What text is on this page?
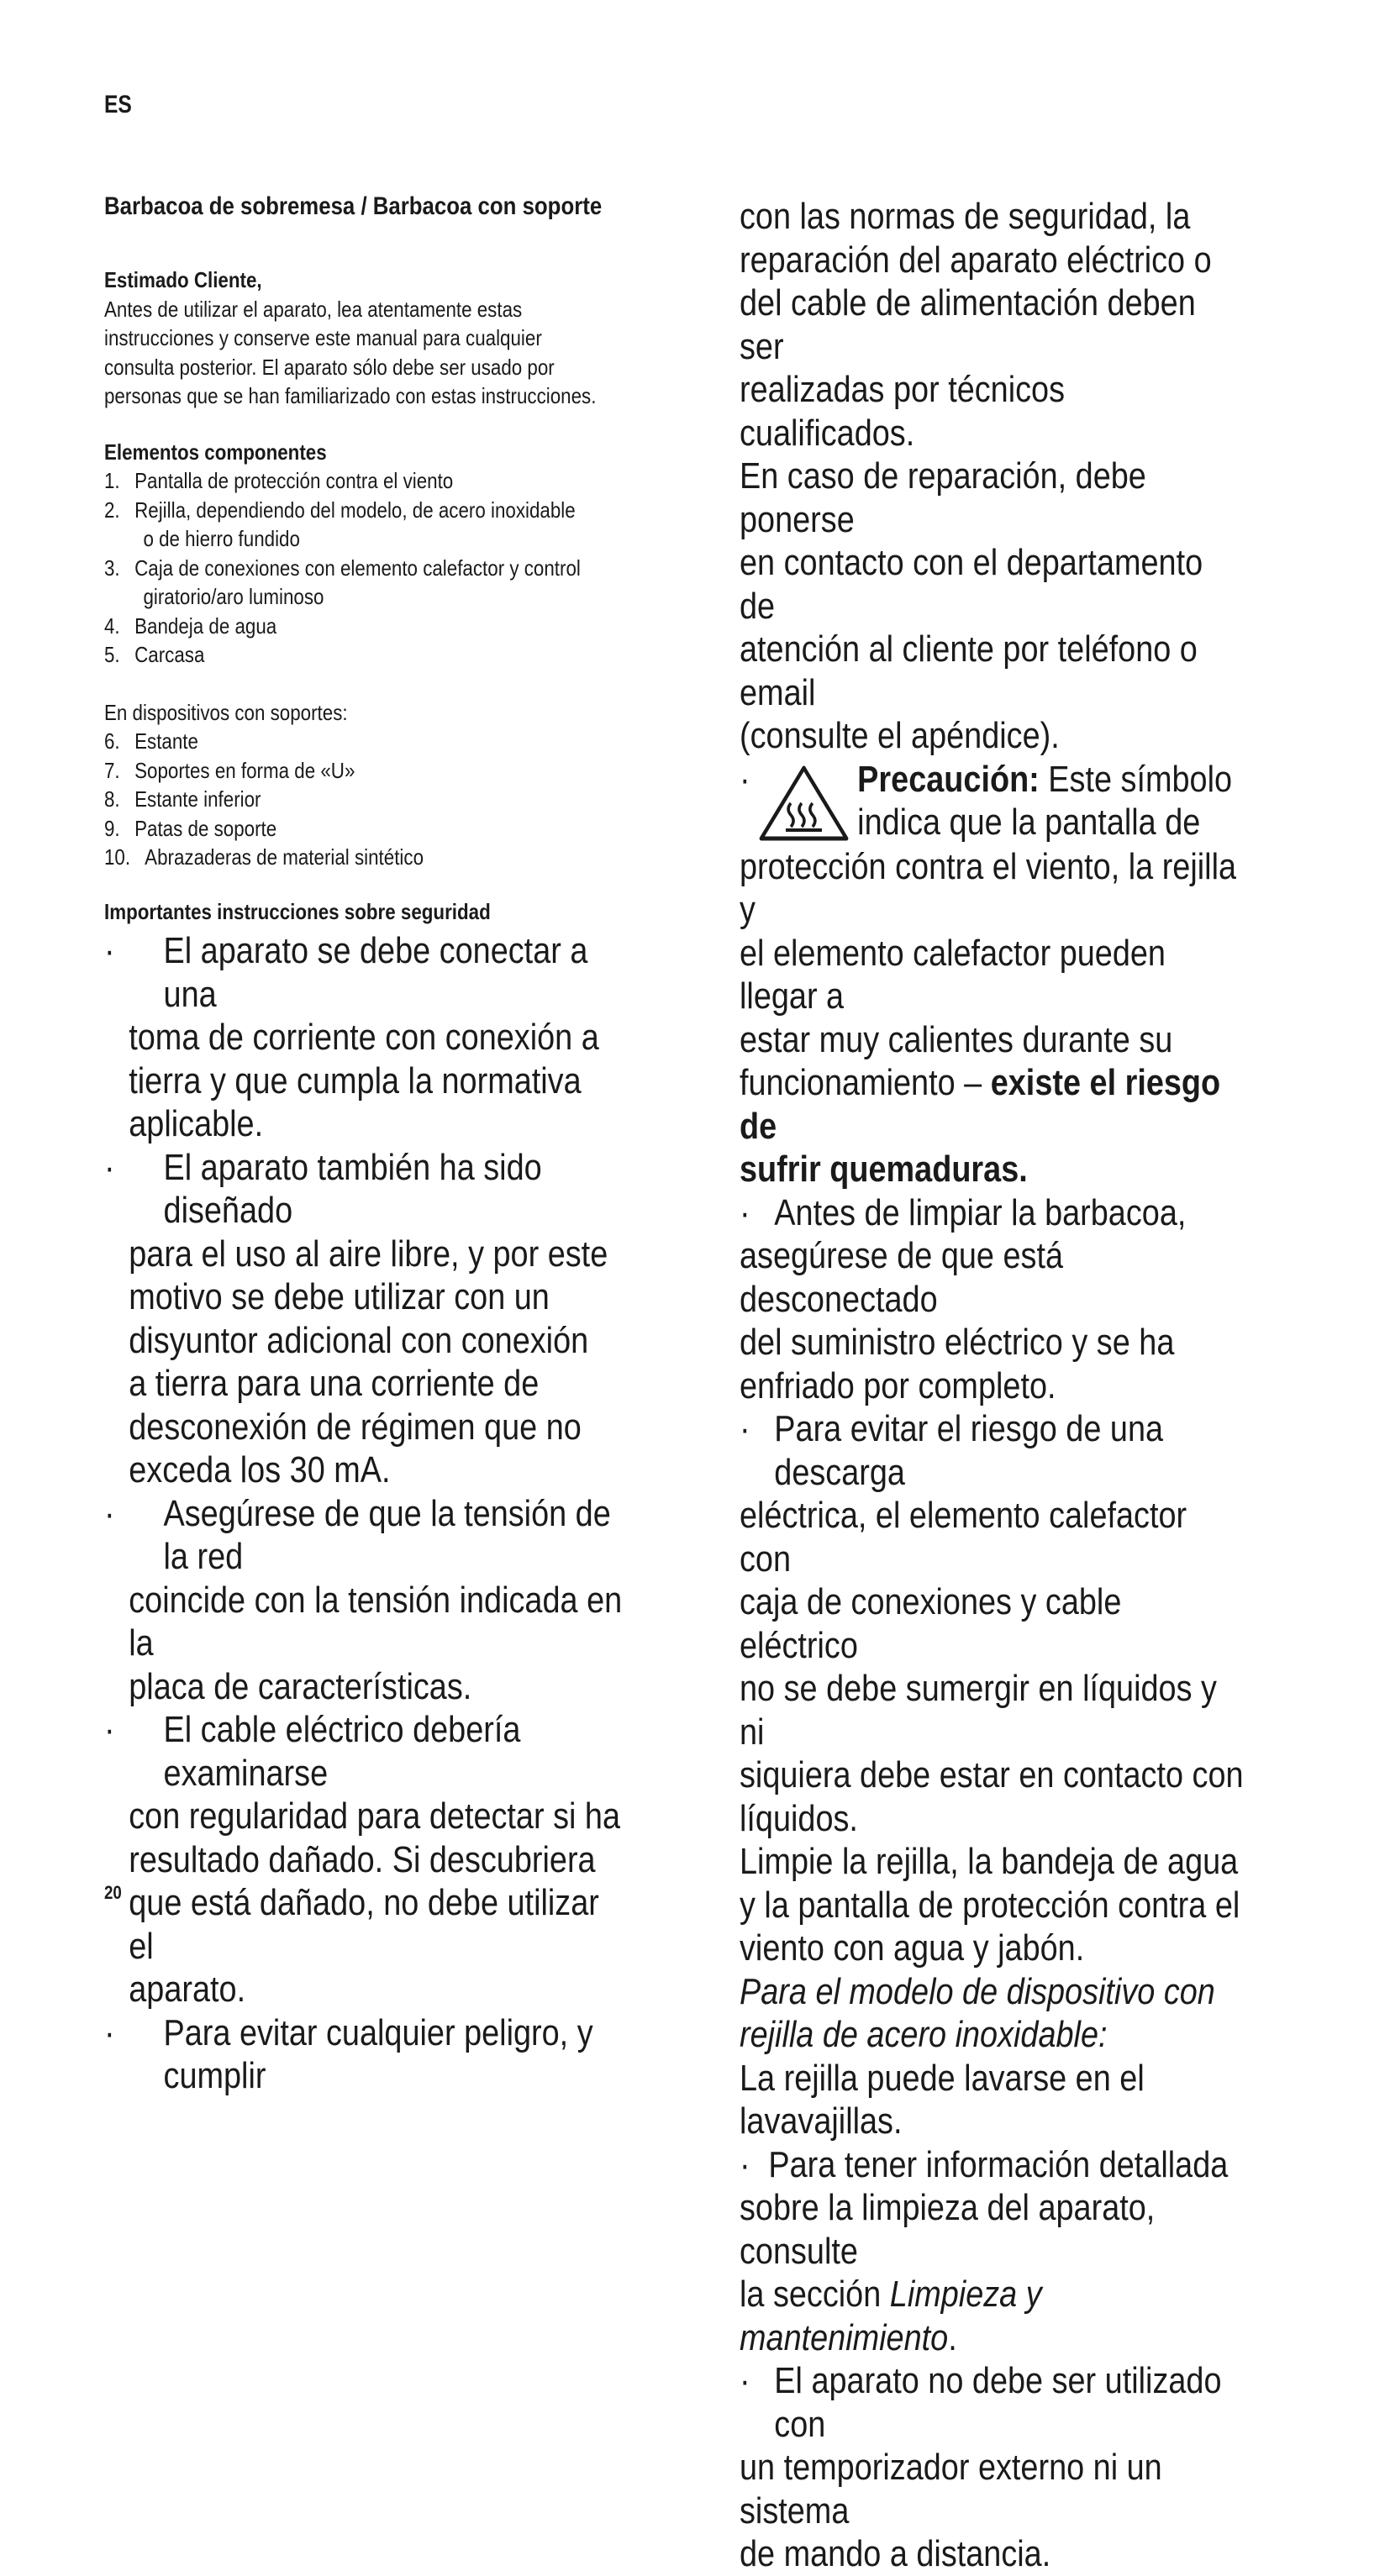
ES
Barbacoa de sobremesa / Barbacoa con soporte
Estimado Cliente,
Antes de utilizar el aparato, lea atentamente estas
instrucciones y conserve este manual para cualquier
consulta posterior. El aparato sólo debe ser usado por
personas que se han familiarizado con estas instrucciones.
Elementos componentes
1. Pantalla de protección contra el viento
2. Rejilla, dependiendo del modelo, de acero inoxidable
o de hierro fundido
3. Caja de conexiones con elemento calefactor y control
giratorio/aro luminoso
4. Bandeja de agua
5. Carcasa
En dispositivos con soportes:
6. Estante
7. Soportes en forma de «U»
8. Estante inferior
9. Patas de soporte
10. Abrazaderas de material sintético
Importantes instrucciones sobre seguridad
·	El aparato se debe conectar a una
toma de corriente con conexión a
tierra y que cumpla la normativa
aplicable.
·	El aparato también ha sido diseñado
para el uso al aire libre, y por este
motivo se debe utilizar con un
disyuntor adicional con conexión
a tierra para una corriente de
desconexión de régimen que no
exceda los 30 mA.
·	Asegúrese de que la tensión de la red
coincide con la tensión indicada en la
placa de características.
·	El cable eléctrico debería examinarse
con regularidad para detectar si ha
resultado dañado. Si descubriera
que está dañado, no debe utilizar el
aparato.
·	Para evitar cualquier peligro, y cumplir
con las normas de seguridad, la
reparación del aparato eléctrico o
del cable de alimentación deben ser
realizadas por técnicos cualificados.
En caso de reparación, debe ponerse
en contacto con el departamento de
atención al cliente por teléfono o email
(consulte el apéndice).
·	Precaución: Este símbolo
indica que la pantalla de
protección contra el viento, la rejilla y
el elemento calefactor pueden llegar a
estar muy calientes durante su
funcionamiento – existe el riesgo de
sufrir quemaduras.
· Antes de limpiar la barbacoa,
asegúrese de que está desconectado
del suministro eléctrico y se ha
enfriado por completo.
· Para evitar el riesgo de una descarga
eléctrica, el elemento calefactor con
caja de conexiones y cable eléctrico
no se debe sumergir en líquidos y ni
siquiera debe estar en contacto con
líquidos.
Limpie la rejilla, la bandeja de agua
y la pantalla de protección contra el
viento con agua y jabón.
Para el modelo de dispositivo con
rejilla de acero inoxidable:
La rejilla puede lavarse en el
lavavajillas.
· Para tener información detallada
sobre la limpieza del aparato, consulte
la sección Limpieza y mantenimiento.
· El aparato no debe ser utilizado con
un temporizador externo ni un sistema
de mando a distancia.
20
